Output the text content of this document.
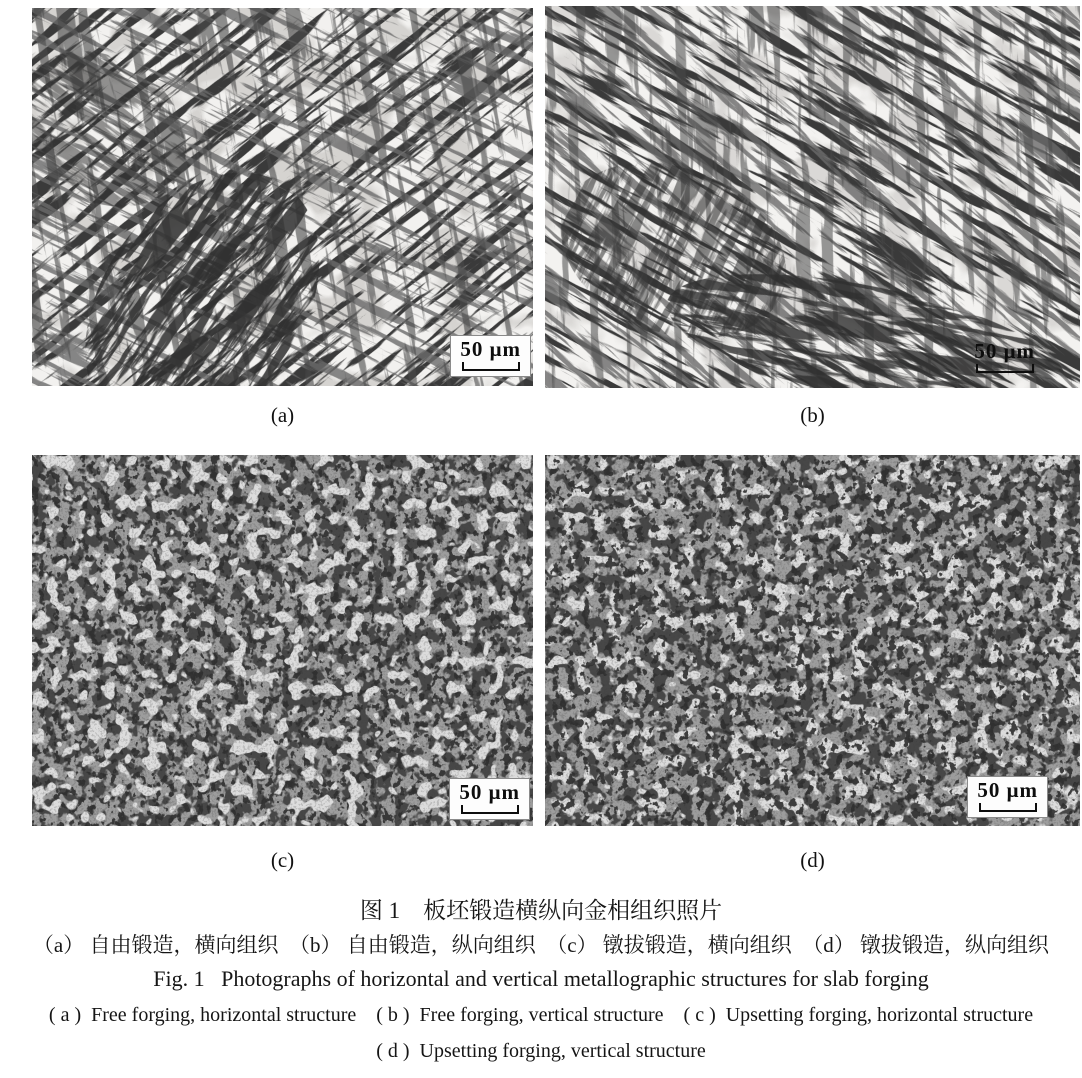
50 μm	50 μm
50 μm	50 μm
(a)	(b)
(c)	(d)
图 1　板坯锻造横纵向金相组织照片
（a） 自由锻造，横向组织　（b） 自由锻造，纵向组织　（c） 镦拔锻造，横向组织　（d） 镦拔锻造，纵向组织
Fig. 1   Photographs of horizontal and vertical metallographic structures for slab forging
( a )  Free forging, horizontal structure    ( b )  Free forging, vertical structure    ( c )  Upsetting forging, horizontal structure
( d )  Upsetting forging, vertical structure
